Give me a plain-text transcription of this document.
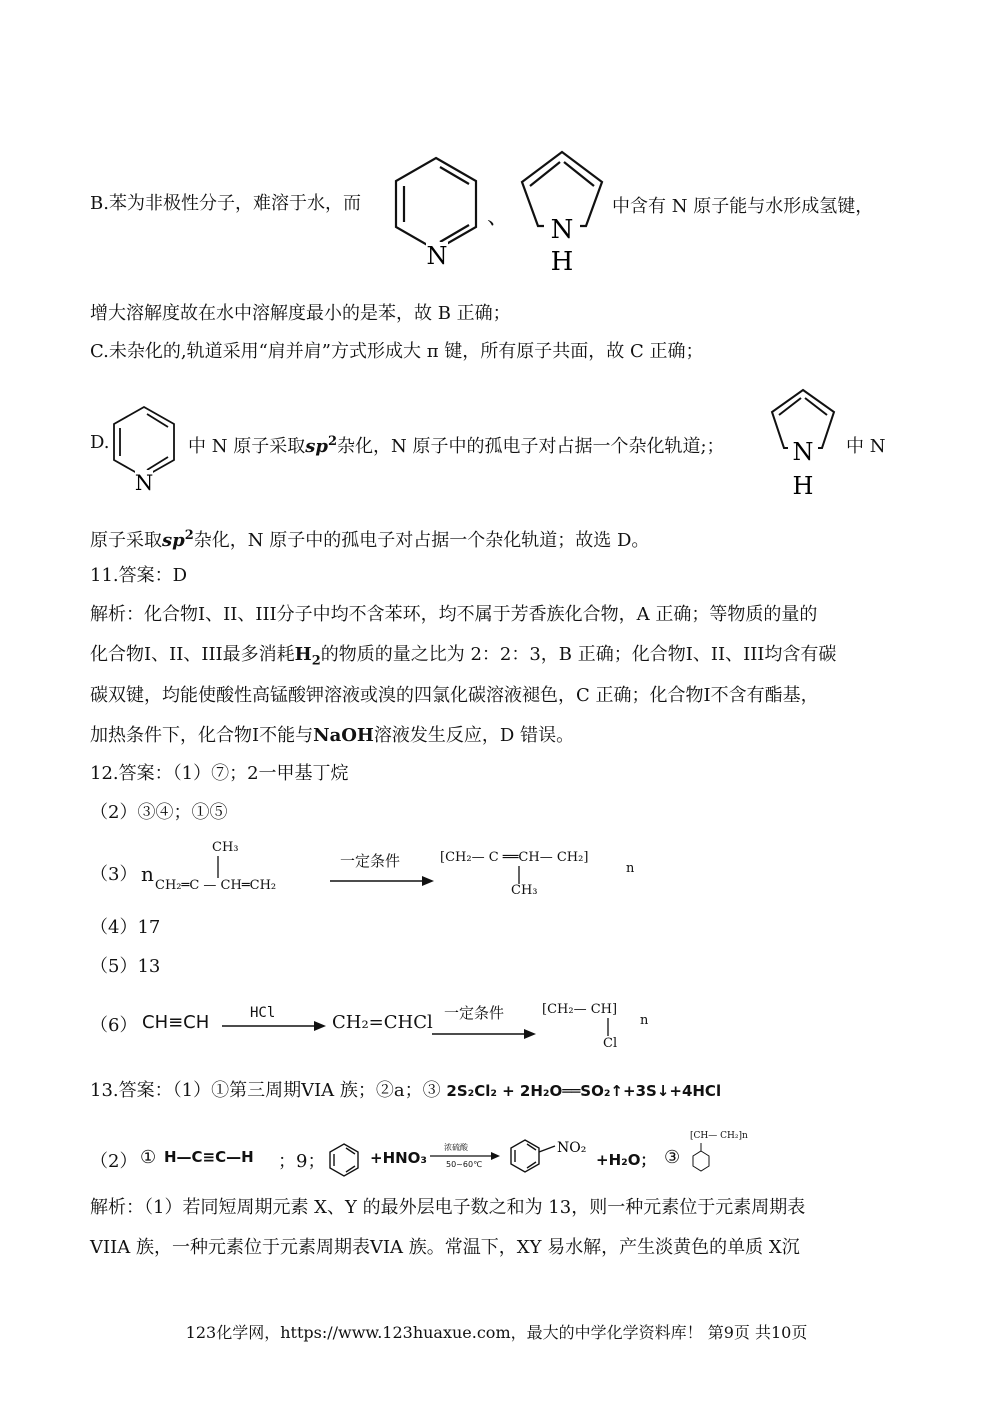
B.苯为非极性分子，难溶于水，而
N
、 N
H
中含有 N 原子能与水形成氢键，
增大溶解度故在水中溶解度最小的是苯，故 B 正确；
C.未杂化的,轨道采用“肩并肩”方式形成大 π 键，所有原子共面，故 C 正确；
D.
N
中 N 原子采取$sp^2$杂化，N 原子中的孤电子对占据一个杂化轨道;；	N
H
中 N
原子采取$sp^2$杂化，N 原子中的孤电子对占据一个杂化轨道；故选 D。
11.答案：D
解析：化合物I、II、III分子中均不含苯环，均不属于芳香族化合物，A 正确；等物质的量的
化合物I、II、III最多消耗$H_2$的物质的量之比为 2：2：3，B 正确；化合物I、II、III均含有碳
碳双键，均能使酸性高锰酸钾溶液或溴的四氯化碳溶液褪色，C 正确；化合物I不含有酯基，
加热条件下，化合物I不能与NaOH溶液发生反应，D 错误。
12.答案：（1）⑦；2一甲基丁烷
（2）③④；①⑤
（3） n
CH₃
CH₂═C — CH═CH₂
一定条件	[CH₂— C ══CH— CH₂]
CH₃
n
（4）17
（5）13
（6） CH≡CH	HCl	CH₂=CHCl 一定条件	[CH₂— CH]
Cl
n
13.答案：（1）①第三周期VIA 族；②a；③ 2S₂Cl₂ + 2H₂O══SO₂↑+3S↓+4HCl
（2） ① H—C≡C—H ；9；	+HNO₃
浓硫酸
50~60℃
NO₂
+H₂O； ③
[CH— CH₂]n
解析：（1）若同短周期元素 X、Y 的最外层电子数之和为 13，则一种元素位于元素周期表
VIIA 族，一种元素位于元素周期表VIA 族。常温下，XY 易水解，产生淡黄色的单质 X沉
123化学网，https://www.123huaxue.com，最大的中学化学资料库！ 第9页 共10页
